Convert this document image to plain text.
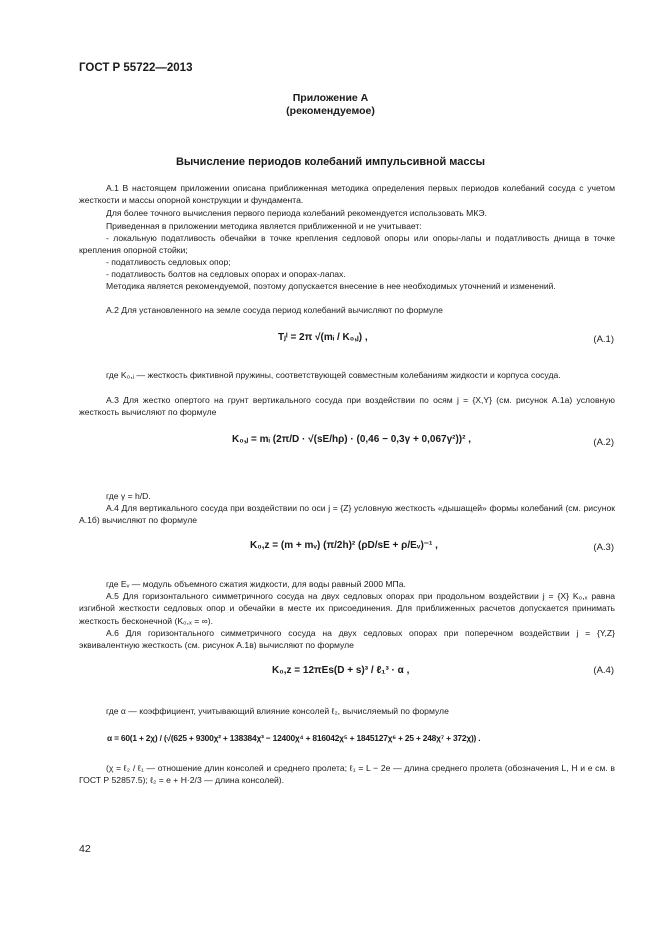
ГОСТ Р 55722—2013
Приложение А
(рекомендуемое)
Вычисление периодов колебаний импульсивной массы
А.1 В настоящем приложении описана приближенная методика определения первых периодов колебаний сосуда с учетом жесткости и массы опорной конструкции и фундамента.
Для более точного вычисления первого периода колебаний рекомендуется использовать МКЭ.
Приведенная в приложении методика является приближенной и не учитывает:
- локальную податливость обечайки в точке крепления седловой опоры или опоры-лапы и податливость днища в точке крепления опорной стойки;
- податливость седловых опор;
- податливость болтов на седловых опорах и опорах-лапах.
Методика является рекомендуемой, поэтому допускается внесение в нее необходимых уточнений и изменений.
А.2 Для установленного на земле сосуда период колебаний вычисляют по формуле
Tⱼᴵ = 2π √(mᵢ / K₀,ⱼ) ,	(А.1)
где K₀,ⱼ — жесткость фиктивной пружины, соответствующей совместным колебаниям жидкости и корпуса сосуда.
А.3 Для жестко опертого на грунт вертикального сосуда при воздействии по осям j = {X,Y} (см. рисунок А.1а) условную жесткость вычисляют по формуле
K₀,ⱼ = mᵢ (2π/D · √(sE/hρ) · (0,46 − 0,3γ + 0,067γ²))² ,	(А.2)
где γ = h/D.
А.4 Для вертикального сосуда при воздействии по оси j = {Z} условную жесткость «дышащей» формы колебаний (см. рисунок А.1б) вычисляют по формуле
K₀,z = (m + mᵥ) (π/2h)² (ρD/sE + ρ/Eᵥ)⁻¹ ,	(А.3)
где Eᵥ — модуль объемного сжатия жидкости, для воды равный 2000 МПа.
А.5 Для горизонтального симметричного сосуда на двух седловых опорах при продольном воздействии j = {X} K₀,ₓ равна изгибной жесткости седловых опор и обечайки в месте их присоединения. Для приближенных расчетов допускается принимать жесткость бесконечной (K₀,ₓ = ∞).
А.6 Для горизонтального симметричного сосуда на двух седловых опорах при поперечном воздействии j = {Y,Z} эквивалентную жесткость (см. рисунок А.1в) вычисляют по формуле
K₀,z = 12πEs(D + s)³ / ℓ₁³ · α ,	(А.4)
где α — коэффициент, учитывающий влияние консолей ℓ₂, вычисляемый по формуле
α = 60(1 + 2χ) / (√(625 + 9300χ² + 138384χ³ − 12400χ⁴ + 816042χ⁵ + 1845127χ⁶ + 25 + 248χ⁷ + 372χ)) .
(χ = ℓ₂ / ℓ₁ — отношение длин консолей и среднего пролета; ℓ₁ = L − 2e — длина среднего пролета (обозначения L, H и e см. в ГОСТ Р 52857.5); ℓ₂ = e + H·2/3 — длина консолей).
42
